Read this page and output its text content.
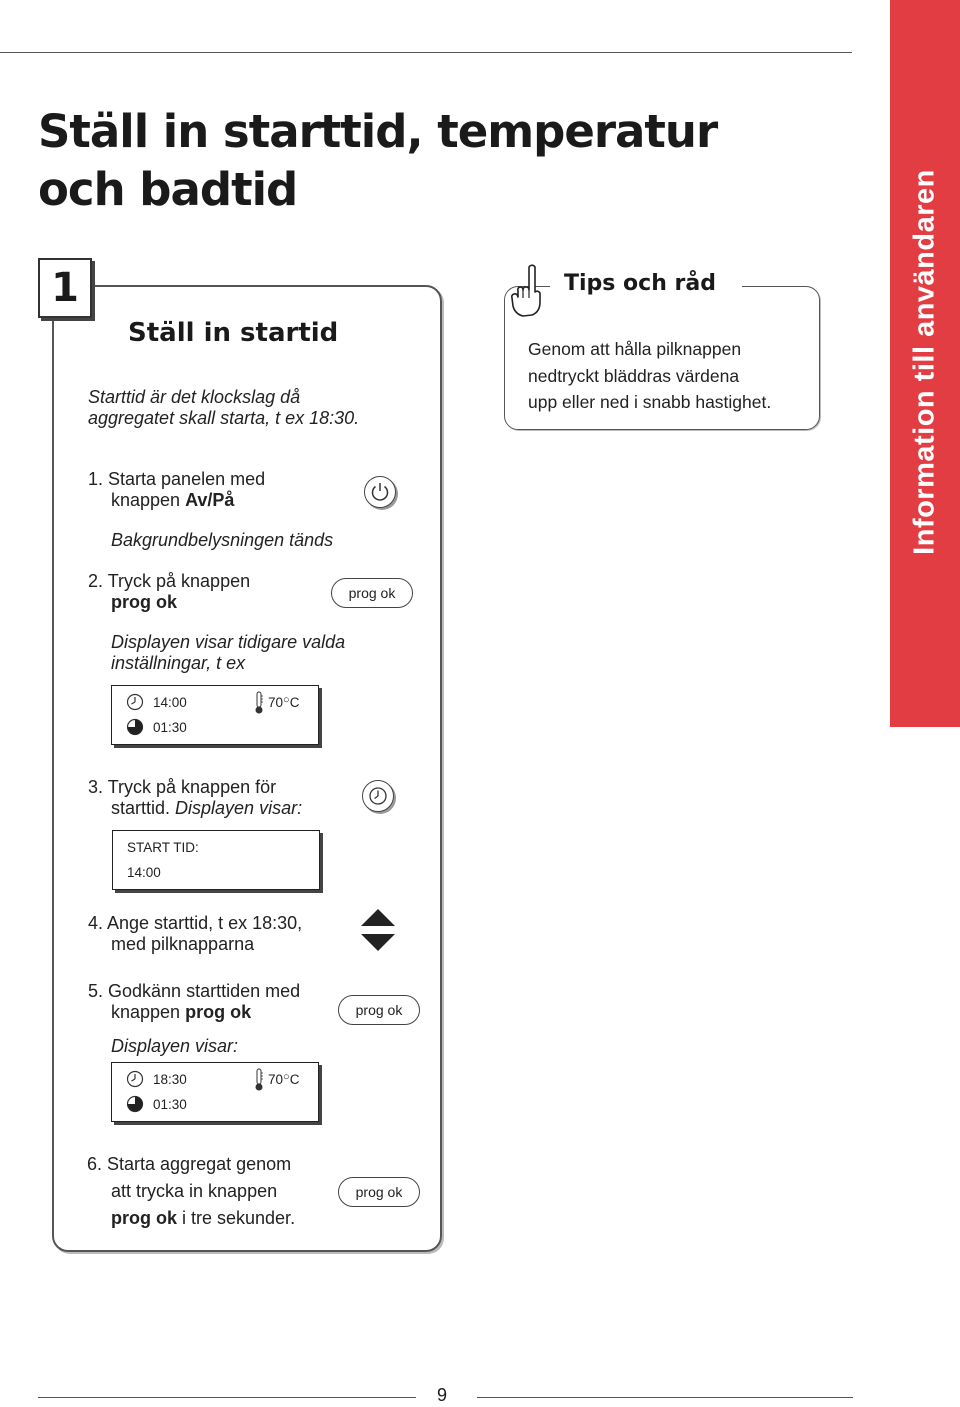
Information till användaren
Ställ in starttid, temperatur
och badtid
1
Ställ in startid
Starttid är det klockslag då
aggregatet skall starta, t ex 18:30.
1. Starta panelen med
knappen Av/På
Bakgrundbelysningen tänds
2. Tryck på knappen
prog ok	prog ok
Displayen visar tidigare valda
inställningar, t ex
14:00
01:30
70○C
3. Tryck på knappen för
starttid. Displayen visar:
START TID:
14:00
4. Ange starttid, t ex 18:30,
med pilknapparna
5. Godkänn starttiden med
knappen prog ok	prog ok
Displayen visar:
18:30
01:30
70○C
6. Starta aggregat genom
att trycka in knappen
prog ok i tre sekunder.
prog ok
Tips och råd
Genom att hålla pilknappen
nedtryckt bläddras värdena
upp eller ned i snabb hastighet.
9
